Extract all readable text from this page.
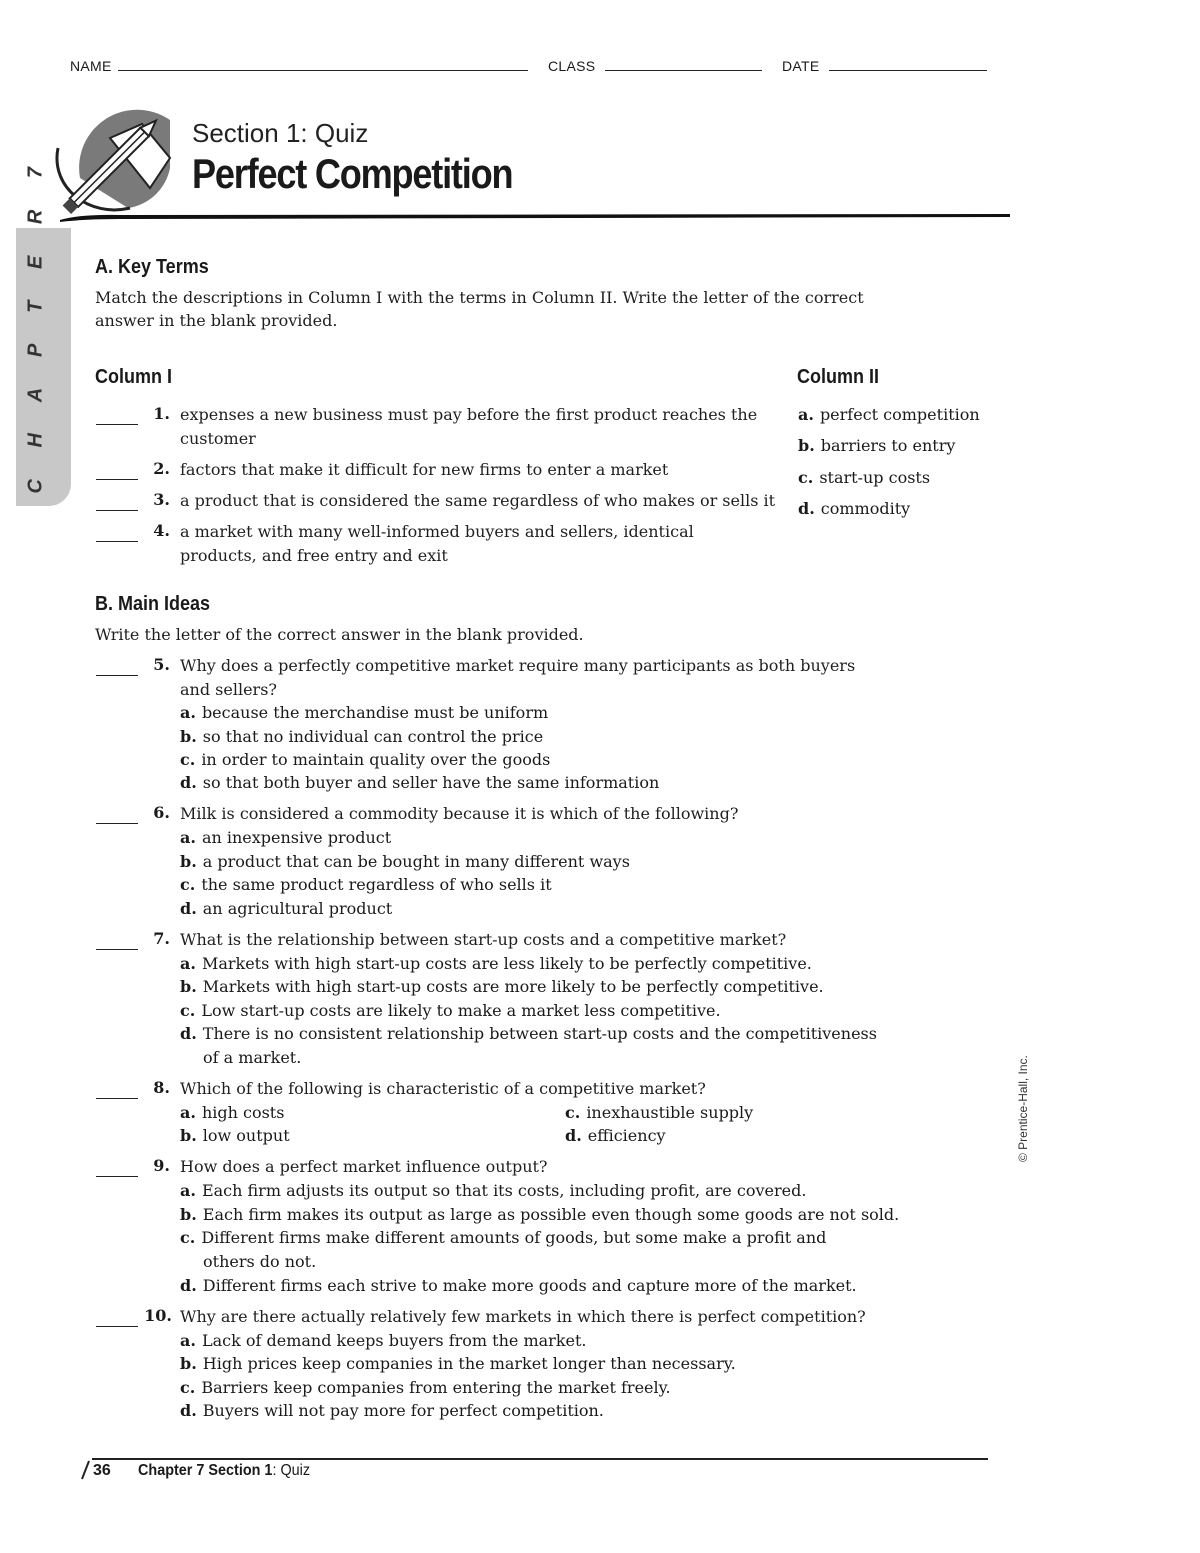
NAME	CLASS	DATE
Section 1: Quiz
Perfect Competition
C H A P T E R 7 A. Key Terms
Match the descriptions in Column I with the terms in Column II. Write the letter of the correct
answer in the blank provided.
Column I	Column II
1. expenses a new business must pay before the first product reaches the
customer
2. factors that make it difficult for new firms to enter a market
3. a product that is considered the same regardless of who makes or sells it
4. a market with many well-informed buyers and sellers, identical
products, and free entry and exit
a. perfect competition
b. barriers to entry
c. start-up costs
d. commodity
B. Main Ideas
Write the letter of the correct answer in the blank provided.
5. Why does a perfectly competitive market require many participants as both buyers
and sellers?
a. because the merchandise must be uniform
b. so that no individual can control the price
c. in order to maintain quality over the goods
d. so that both buyer and seller have the same information
6. Milk is considered a commodity because it is which of the following?
a. an inexpensive product
b. a product that can be bought in many different ways
c. the same product regardless of who sells it
d. an agricultural product
7. What is the relationship between start-up costs and a competitive market?
a. Markets with high start-up costs are less likely to be perfectly competitive.
b. Markets with high start-up costs are more likely to be perfectly competitive.
c. Low start-up costs are likely to make a market less competitive.
d. There is no consistent relationship between start-up costs and the competitiveness
of a market.
8. Which of the following is characteristic of a competitive market?
a. high costs
b. low output
c. inexhaustible supply
d. efficiency
9. How does a perfect market influence output?
a. Each firm adjusts its output so that its costs, including profit, are covered.
b. Each firm makes its output as large as possible even though some goods are not sold.
c. Different firms make different amounts of goods, but some make a profit and
others do not.
d. Different firms each strive to make more goods and capture more of the market.
10. Why are there actually relatively few markets in which there is perfect competition?
a. Lack of demand keeps buyers from the market.
b. High prices keep companies in the market longer than necessary.
c. Barriers keep companies from entering the market freely.
d. Buyers will not pay more for perfect competition.
© Prentice-Hall, Inc.
36 Chapter 7 Section 1: Quiz
